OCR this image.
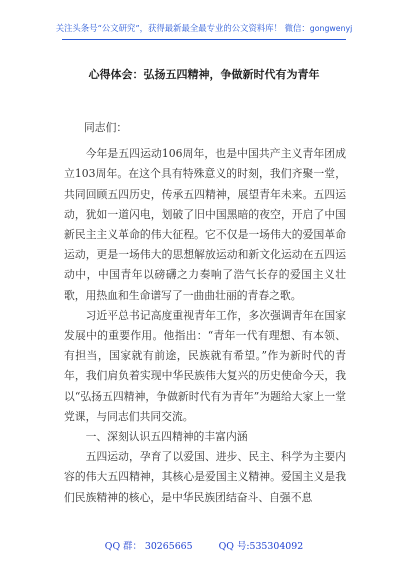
关注头条号“公文研究”，获得最新最全最专业的公文资料库！ 微信：gongwenyj
心得体会：弘扬五四精神，争做新时代有为青年

同志们：

今年是五四运动106周年，也是中国共产主义青年团成立103周年。在这个具有特殊意义的时刻，我们齐聚一堂，共同回顾五四历史，传承五四精神，展望青年未来。五四运动，犹如一道闪电，划破了旧中国黑暗的夜空，开启了中国新民主主义革命的伟大征程。它不仅是一场伟大的爱国革命运动，更是一场伟大的思想解放运动和新文化运动在五四运动中，中国青年以磅礴之力奏响了浩气长存的爱国主义壮歌，用热血和生命谱写了一曲曲壮丽的青春之歌。

习近平总书记高度重视青年工作，多次强调青年在国家发展中的重要作用。他指出：“青年一代有理想、有本领、有担当，国家就有前途，民族就有希望。”作为新时代的青年，我们肩负着实现中华民族伟大复兴的历史使命今天，我以“弘扬五四精神，争做新时代有为青年”为题给大家上一堂党课，与同志们共同交流。

一、深刻认识五四精神的丰富内涵

五四运动，孕育了以爱国、进步、民主、科学为主要内容的伟大五四精神，其核心是爱国主义精神。爱国主义是我们民族精神的核心，是中华民族团结奋斗、自强不息

QQ 群： 30265665	QQ 号:535304092
